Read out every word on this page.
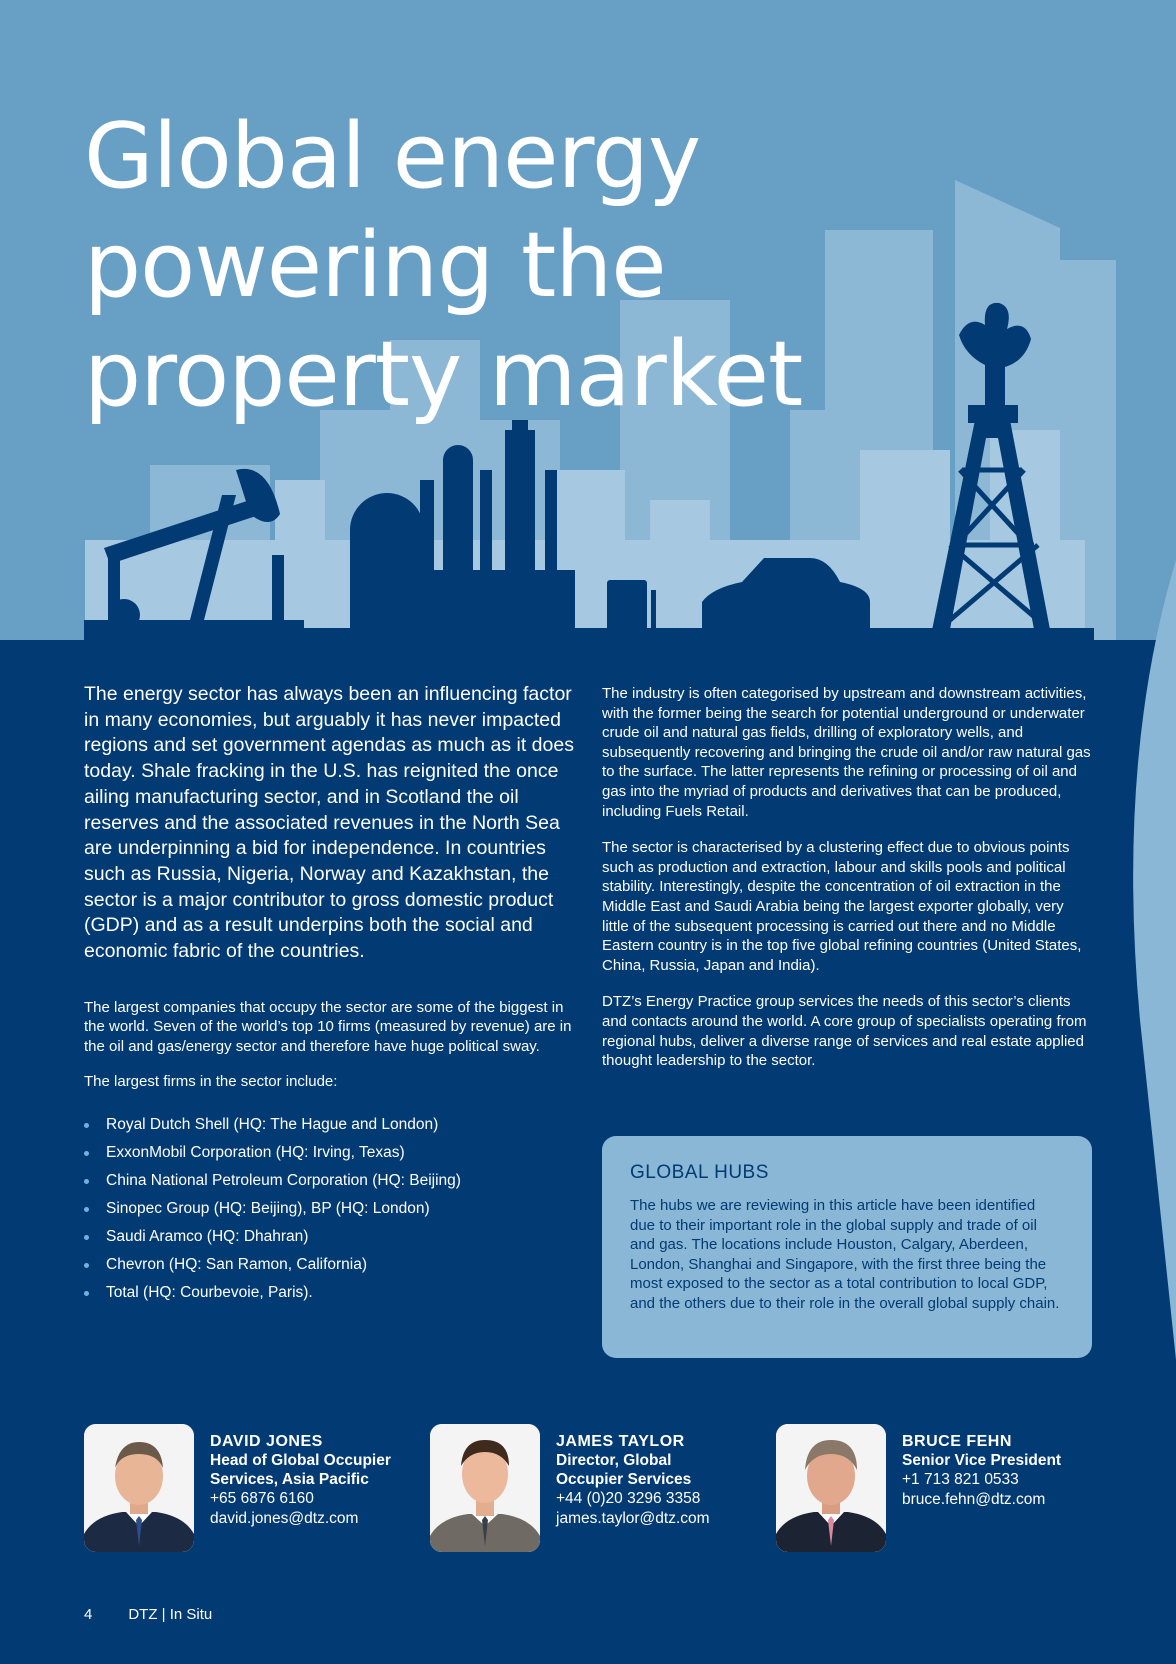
Global energy
powering the
property market

The energy sector has always been an influencing factor in many economies, but arguably it has never impacted regions and set government agendas as much as it does today. Shale fracking in the U.S. has reignited the once ailing manufacturing sector, and in Scotland the oil reserves and the associated revenues in the North Sea are underpinning a bid for independence. In countries such as Russia, Nigeria, Norway and Kazakhstan, the sector is a major contributor to gross domestic product (GDP) and as a result underpins both the social and economic fabric of the countries.

The largest companies that occupy the sector are some of the biggest in the world. Seven of the world’s top 10 firms (measured by revenue) are in the oil and gas/energy sector and therefore have huge political sway.

The largest firms in the sector include:

Royal Dutch Shell (HQ: The Hague and London)
ExxonMobil Corporation (HQ: Irving, Texas)
China National Petroleum Corporation (HQ: Beijing)
Sinopec Group (HQ: Beijing), BP (HQ: London)
Saudi Aramco (HQ: Dhahran)
Chevron (HQ: San Ramon, California)
Total (HQ: Courbevoie, Paris).

The industry is often categorised by upstream and downstream activities, with the former being the search for potential underground or underwater crude oil and natural gas fields, drilling of exploratory wells, and subsequently recovering and bringing the crude oil and/or raw natural gas to the surface. The latter represents the refining or processing of oil and gas into the myriad of products and derivatives that can be produced, including Fuels Retail.

The sector is characterised by a clustering effect due to obvious points such as production and extraction, labour and skills pools and political stability. Interestingly, despite the concentration of oil extraction in the Middle East and Saudi Arabia being the largest exporter globally, very little of the subsequent processing is carried out there and no Middle Eastern country is in the top five global refining countries (United States, China, Russia, Japan and India).

DTZ’s Energy Practice group services the needs of this sector’s clients and contacts around the world. A core group of specialists operating from regional hubs, deliver a diverse range of services and real estate applied thought leadership to the sector.

GLOBAL HUBS

The hubs we are reviewing in this article have been identified due to their important role in the global supply and trade of oil and gas. The locations include Houston, Calgary, Aberdeen, London, Shanghai and Singapore, with the first three being the most exposed to the sector as a total contribution to local GDP, and the others due to their role in the overall global supply chain.

DAVID JONES
Head of Global Occupier
Services, Asia Pacific
+65 6876 6160
david.jones@dtz.com
JAMES TAYLOR
Director, Global
Occupier Services
+44 (0)20 3296 3358
james.taylor@dtz.com
BRUCE FEHN
Senior Vice President
+1 713 821 0533
bruce.fehn@dtz.com
4 DTZ | In Situ
